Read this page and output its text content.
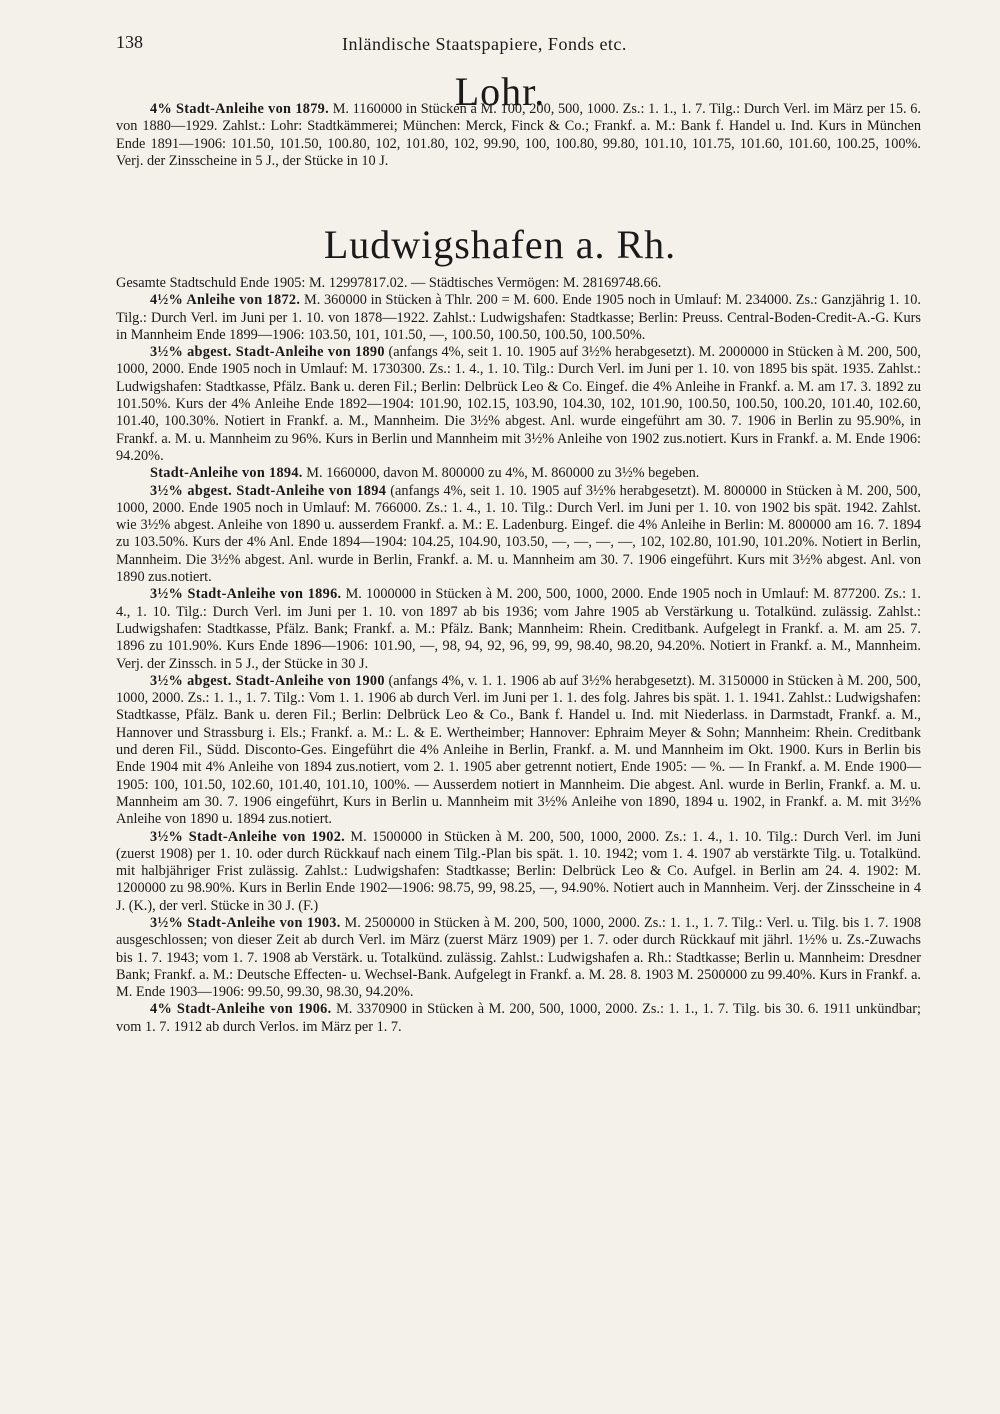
138	Inländische Staatspapiere, Fonds etc.
Lohr.

4% Stadt-Anleihe von 1879. M. 1160000 in Stücken à M. 100, 200, 500, 1000. Zs.: 1. 1., 1. 7. Tilg.: Durch Verl. im März per 15. 6. von 1880—1929. Zahlst.: Lohr: Stadtkämmerei; München: Merck, Finck & Co.; Frankf. a. M.: Bank f. Handel u. Ind. Kurs in München Ende 1891—1906: 101.50, 101.50, 100.80, 102, 101.80, 102, 99.90, 100, 100.80, 99.80, 101.10, 101.75, 101.60, 101.60, 100.25, 100%. Verj. der Zinsscheine in 5 J., der Stücke in 10 J.

Ludwigshafen a. Rh.

Gesamte Stadtschuld Ende 1905: M. 12997817.02. — Städtisches Vermögen: M. 28169748.66.

4½% Anleihe von 1872. M. 360000 in Stücken à Thlr. 200 = M. 600. Ende 1905 noch in Umlauf: M. 234000. Zs.: Ganzjährig 1. 10. Tilg.: Durch Verl. im Juni per 1. 10. von 1878—1922. Zahlst.: Ludwigshafen: Stadtkasse; Berlin: Preuss. Central-Boden-Credit-A.-G. Kurs in Mannheim Ende 1899—1906: 103.50, 101, 101.50, —, 100.50, 100.50, 100.50, 100.50%.

3½% abgest. Stadt-Anleihe von 1890 (anfangs 4%, seit 1. 10. 1905 auf 3½% herabgesetzt). M. 2000000 in Stücken à M. 200, 500, 1000, 2000. Ende 1905 noch in Umlauf: M. 1730300. Zs.: 1. 4., 1. 10. Tilg.: Durch Verl. im Juni per 1. 10. von 1895 bis spät. 1935. Zahlst.: Ludwigshafen: Stadtkasse, Pfälz. Bank u. deren Fil.; Berlin: Delbrück Leo & Co. Eingef. die 4% Anleihe in Frankf. a. M. am 17. 3. 1892 zu 101.50%. Kurs der 4% Anleihe Ende 1892—1904: 101.90, 102.15, 103.90, 104.30, 102, 101.90, 100.50, 100.50, 100.20, 101.40, 102.60, 101.40, 100.30%. Notiert in Frankf. a. M., Mannheim. Die 3½% abgest. Anl. wurde eingeführt am 30. 7. 1906 in Berlin zu 95.90%, in Frankf. a. M. u. Mannheim zu 96%. Kurs in Berlin und Mannheim mit 3½% Anleihe von 1902 zus.notiert. Kurs in Frankf. a. M. Ende 1906: 94.20%.

Stadt-Anleihe von 1894. M. 1660000, davon M. 800000 zu 4%, M. 860000 zu 3½% begeben.

3½% abgest. Stadt-Anleihe von 1894 (anfangs 4%, seit 1. 10. 1905 auf 3½% herabgesetzt). M. 800000 in Stücken à M. 200, 500, 1000, 2000. Ende 1905 noch in Umlauf: M. 766000. Zs.: 1. 4., 1. 10. Tilg.: Durch Verl. im Juni per 1. 10. von 1902 bis spät. 1942. Zahlst. wie 3½% abgest. Anleihe von 1890 u. ausserdem Frankf. a. M.: E. Ladenburg. Eingef. die 4% Anleihe in Berlin: M. 800000 am 16. 7. 1894 zu 103.50%. Kurs der 4% Anl. Ende 1894—1904: 104.25, 104.90, 103.50, —, —, —, —, 102, 102.80, 101.90, 101.20%. Notiert in Berlin, Mannheim. Die 3½% abgest. Anl. wurde in Berlin, Frankf. a. M. u. Mannheim am 30. 7. 1906 eingeführt. Kurs mit 3½% abgest. Anl. von 1890 zus.notiert.

3½% Stadt-Anleihe von 1896. M. 1000000 in Stücken à M. 200, 500, 1000, 2000. Ende 1905 noch in Umlauf: M. 877200. Zs.: 1. 4., 1. 10. Tilg.: Durch Verl. im Juni per 1. 10. von 1897 ab bis 1936; vom Jahre 1905 ab Verstärkung u. Totalkünd. zulässig. Zahlst.: Ludwigshafen: Stadtkasse, Pfälz. Bank; Frankf. a. M.: Pfälz. Bank; Mannheim: Rhein. Creditbank. Aufgelegt in Frankf. a. M. am 25. 7. 1896 zu 101.90%. Kurs Ende 1896—1906: 101.90, —, 98, 94, 92, 96, 99, 99, 98.40, 98.20, 94.20%. Notiert in Frankf. a. M., Mannheim. Verj. der Zinssch. in 5 J., der Stücke in 30 J.

3½% abgest. Stadt-Anleihe von 1900 (anfangs 4%, v. 1. 1. 1906 ab auf 3½% herabgesetzt). M. 3150000 in Stücken à M. 200, 500, 1000, 2000. Zs.: 1. 1., 1. 7. Tilg.: Vom 1. 1. 1906 ab durch Verl. im Juni per 1. 1. des folg. Jahres bis spät. 1. 1. 1941. Zahlst.: Ludwigshafen: Stadtkasse, Pfälz. Bank u. deren Fil.; Berlin: Delbrück Leo & Co., Bank f. Handel u. Ind. mit Niederlass. in Darmstadt, Frankf. a. M., Hannover und Strassburg i. Els.; Frankf. a. M.: L. & E. Wertheimber; Hannover: Ephraim Meyer & Sohn; Mannheim: Rhein. Creditbank und deren Fil., Südd. Disconto-Ges. Eingeführt die 4% Anleihe in Berlin, Frankf. a. M. und Mannheim im Okt. 1900. Kurs in Berlin bis Ende 1904 mit 4% Anleihe von 1894 zus.notiert, vom 2. 1. 1905 aber getrennt notiert, Ende 1905: — %. — In Frankf. a. M. Ende 1900—1905: 100, 101.50, 102.60, 101.40, 101.10, 100%. — Ausserdem notiert in Mannheim. Die abgest. Anl. wurde in Berlin, Frankf. a. M. u. Mannheim am 30. 7. 1906 eingeführt, Kurs in Berlin u. Mannheim mit 3½% Anleihe von 1890, 1894 u. 1902, in Frankf. a. M. mit 3½% Anleihe von 1890 u. 1894 zus.notiert.

3½% Stadt-Anleihe von 1902. M. 1500000 in Stücken à M. 200, 500, 1000, 2000. Zs.: 1. 4., 1. 10. Tilg.: Durch Verl. im Juni (zuerst 1908) per 1. 10. oder durch Rückkauf nach einem Tilg.-Plan bis spät. 1. 10. 1942; vom 1. 4. 1907 ab verstärkte Tilg. u. Totalkünd. mit halbjähriger Frist zulässig. Zahlst.: Ludwigshafen: Stadtkasse; Berlin: Delbrück Leo & Co. Aufgel. in Berlin am 24. 4. 1902: M. 1200000 zu 98.90%. Kurs in Berlin Ende 1902—1906: 98.75, 99, 98.25, —, 94.90%. Notiert auch in Mannheim. Verj. der Zinsscheine in 4 J. (K.), der verl. Stücke in 30 J. (F.)

3½% Stadt-Anleihe von 1903. M. 2500000 in Stücken à M. 200, 500, 1000, 2000. Zs.: 1. 1., 1. 7. Tilg.: Verl. u. Tilg. bis 1. 7. 1908 ausgeschlossen; von dieser Zeit ab durch Verl. im März (zuerst März 1909) per 1. 7. oder durch Rückkauf mit jährl. 1½% u. Zs.-Zuwachs bis 1. 7. 1943; vom 1. 7. 1908 ab Verstärk. u. Totalkünd. zulässig. Zahlst.: Ludwigshafen a. Rh.: Stadtkasse; Berlin u. Mannheim: Dresdner Bank; Frankf. a. M.: Deutsche Effecten- u. Wechsel-Bank. Aufgelegt in Frankf. a. M. 28. 8. 1903 M. 2500000 zu 99.40%. Kurs in Frankf. a. M. Ende 1903—1906: 99.50, 99.30, 98.30, 94.20%.

4% Stadt-Anleihe von 1906. M. 3370900 in Stücken à M. 200, 500, 1000, 2000. Zs.: 1. 1., 1. 7. Tilg. bis 30. 6. 1911 unkündbar; vom 1. 7. 1912 ab durch Verlos. im März per 1. 7.
